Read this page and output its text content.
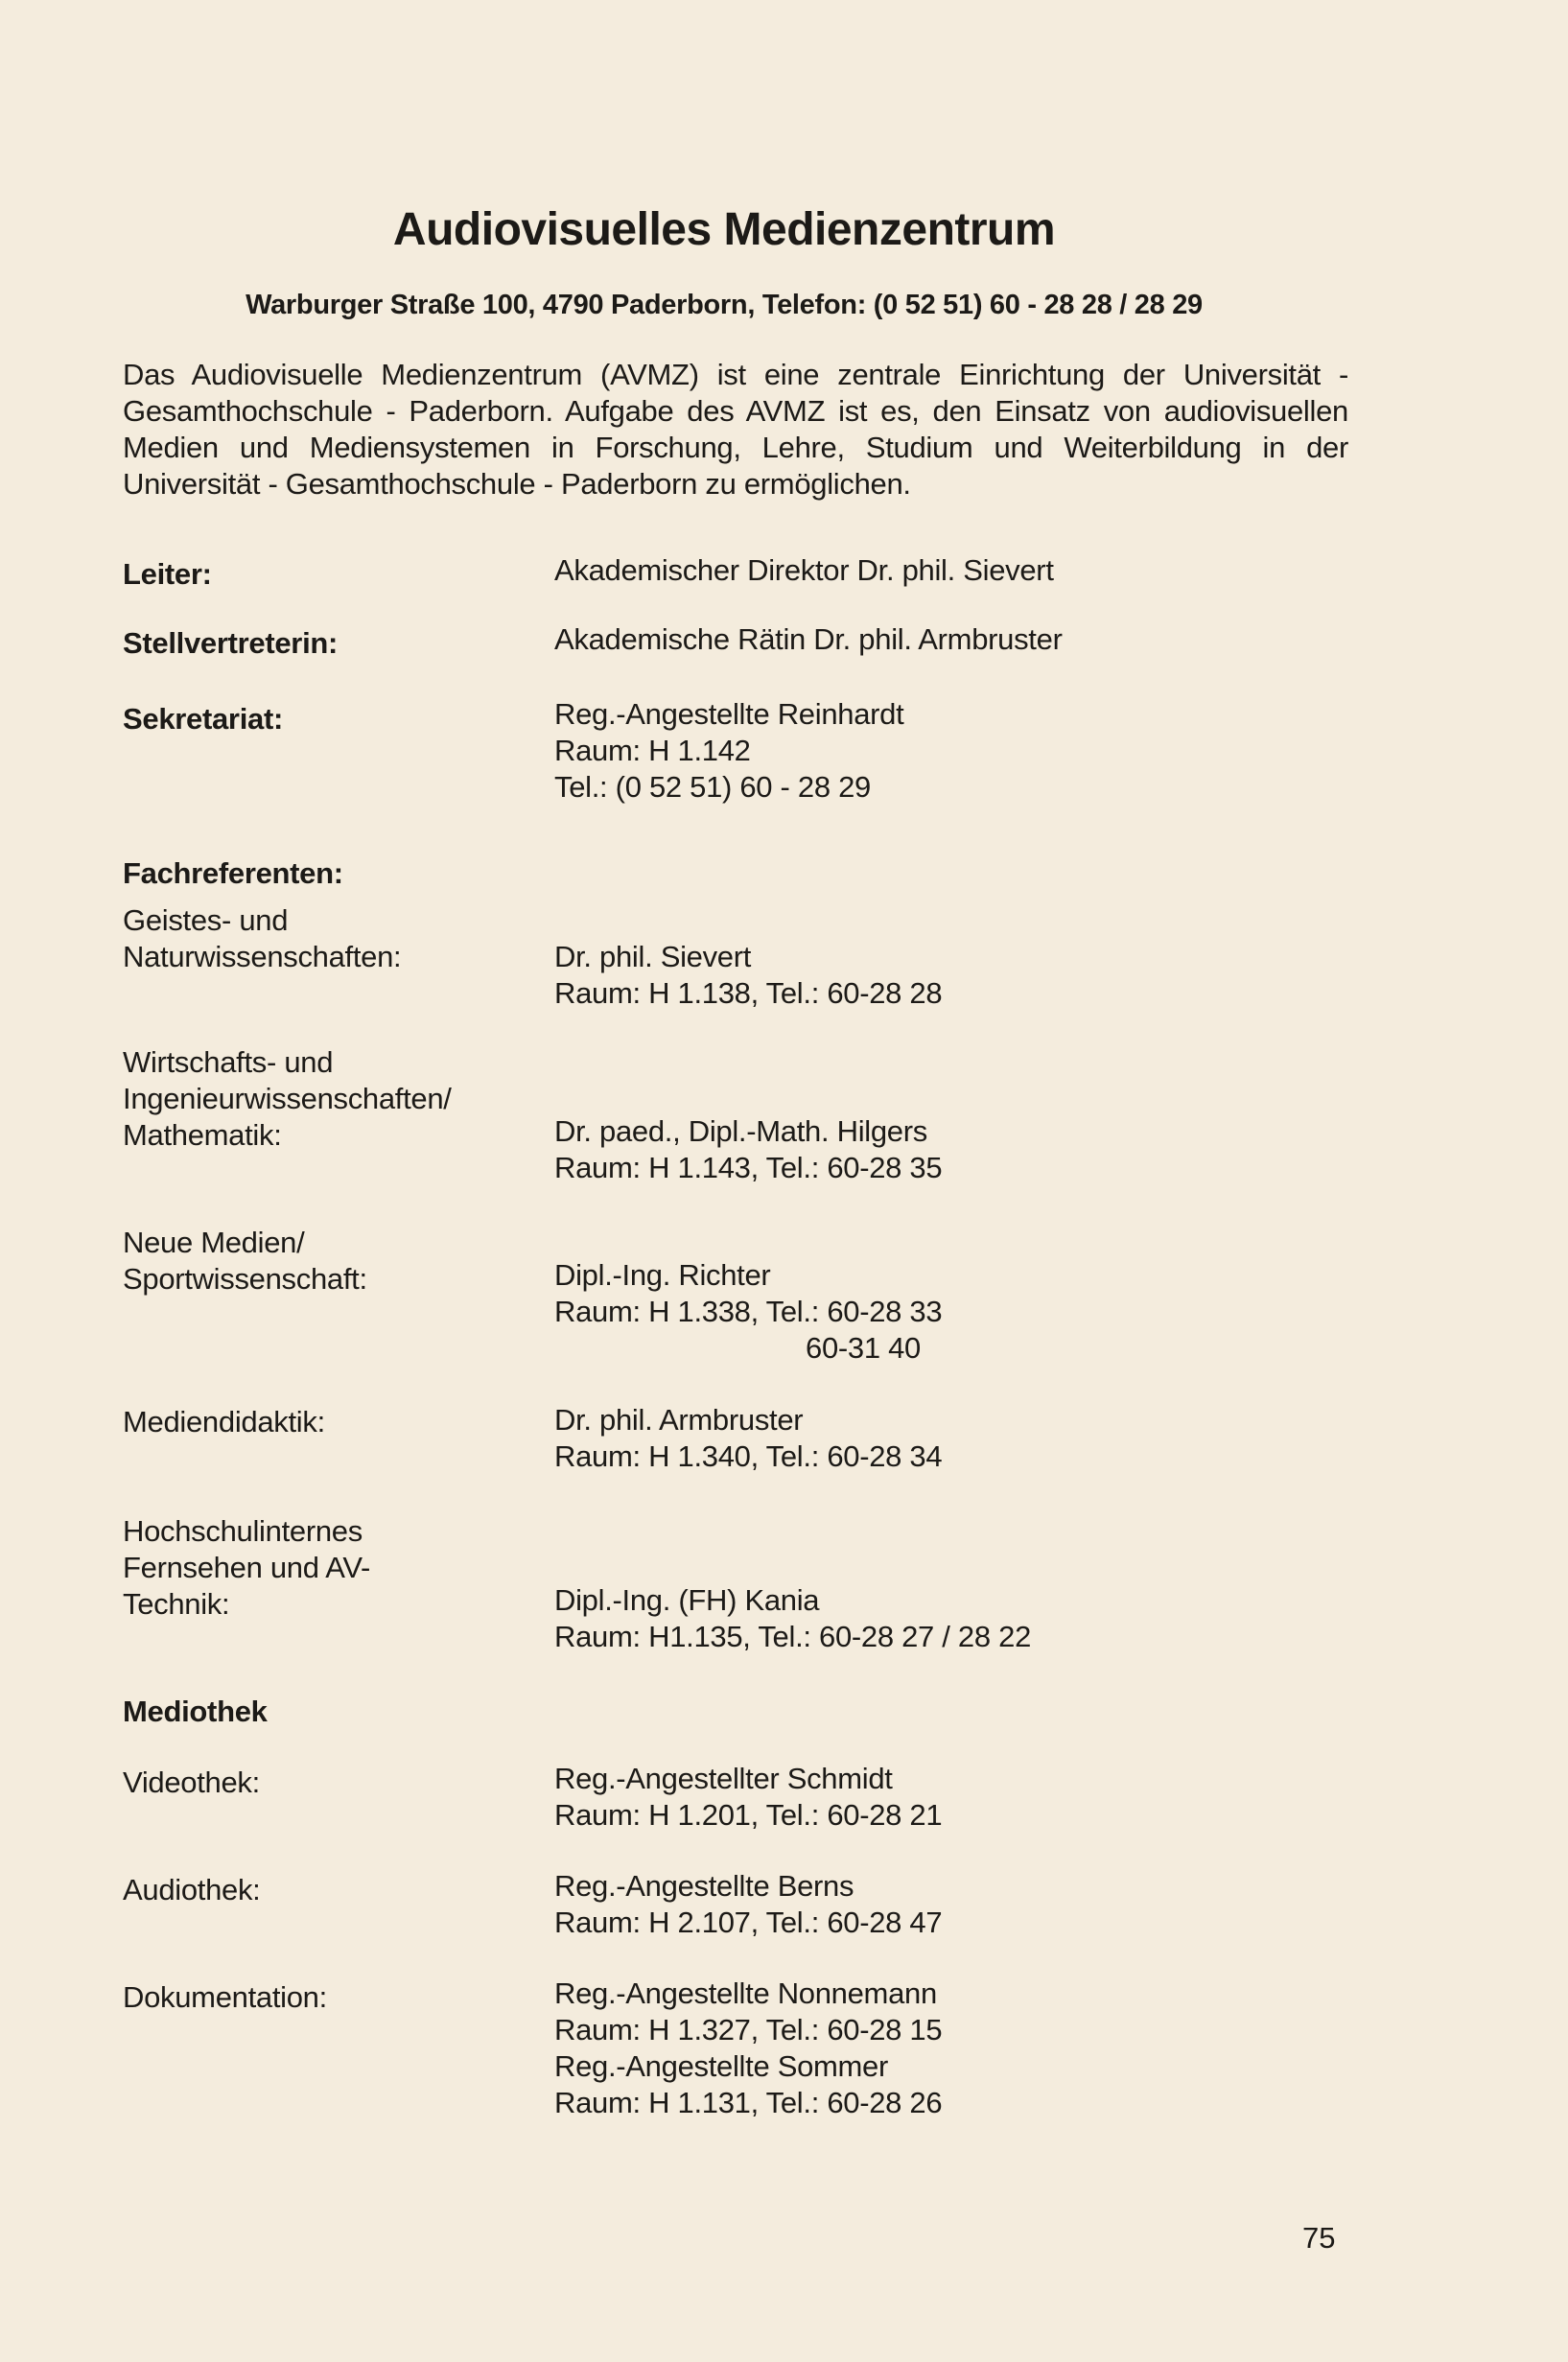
Audiovisuelles Medienzentrum
Warburger Straße 100, 4790 Paderborn, Telefon: (0 52 51) 60 - 28 28 / 28 29
Das Audiovisuelle Medienzentrum (AVMZ) ist eine zentrale Einrichtung der Universität - Gesamthochschule - Paderborn. Aufgabe des AVMZ ist es, den Einsatz von audiovisuellen Medien und Mediensystemen in Forschung, Lehre, Studium und Weiterbildung in der Universität - Gesamthochschule - Paderborn zu ermöglichen.
Leiter:	Akademischer Direktor Dr. phil. Sievert
Stellvertreterin:	Akademische Rätin Dr. phil. Armbruster
Sekretariat:	Reg.-Angestellte Reinhardt
Raum: H 1.142
Tel.: (0 52 51) 60 - 28 29
Fachreferenten:
Geistes- und
Naturwissenschaften:	Dr. phil. Sievert
Raum: H 1.138, Tel.: 60-28 28
Wirtschafts- und
Ingenieurwissenschaften/
Mathematik:	Dr. paed., Dipl.-Math. Hilgers
Raum: H 1.143, Tel.: 60-28 35
Neue Medien/
Sportwissenschaft:	Dipl.-Ing. Richter
Raum: H 1.338, Tel.: 60-28 33
60-31 40
Mediendidaktik:	Dr. phil. Armbruster
Raum: H 1.340, Tel.: 60-28 34
Hochschulinternes
Fernsehen und AV-
Technik:	Dipl.-Ing. (FH) Kania
Raum: H1.135, Tel.: 60-28 27 / 28 22
Mediothek
Videothek:	Reg.-Angestellter Schmidt
Raum: H 1.201, Tel.: 60-28 21
Audiothek:	Reg.-Angestellte Berns
Raum: H 2.107, Tel.: 60-28 47
Dokumentation:	Reg.-Angestellte Nonnemann
Raum: H 1.327, Tel.: 60-28 15
Reg.-Angestellte Sommer
Raum: H 1.131, Tel.: 60-28 26
75
